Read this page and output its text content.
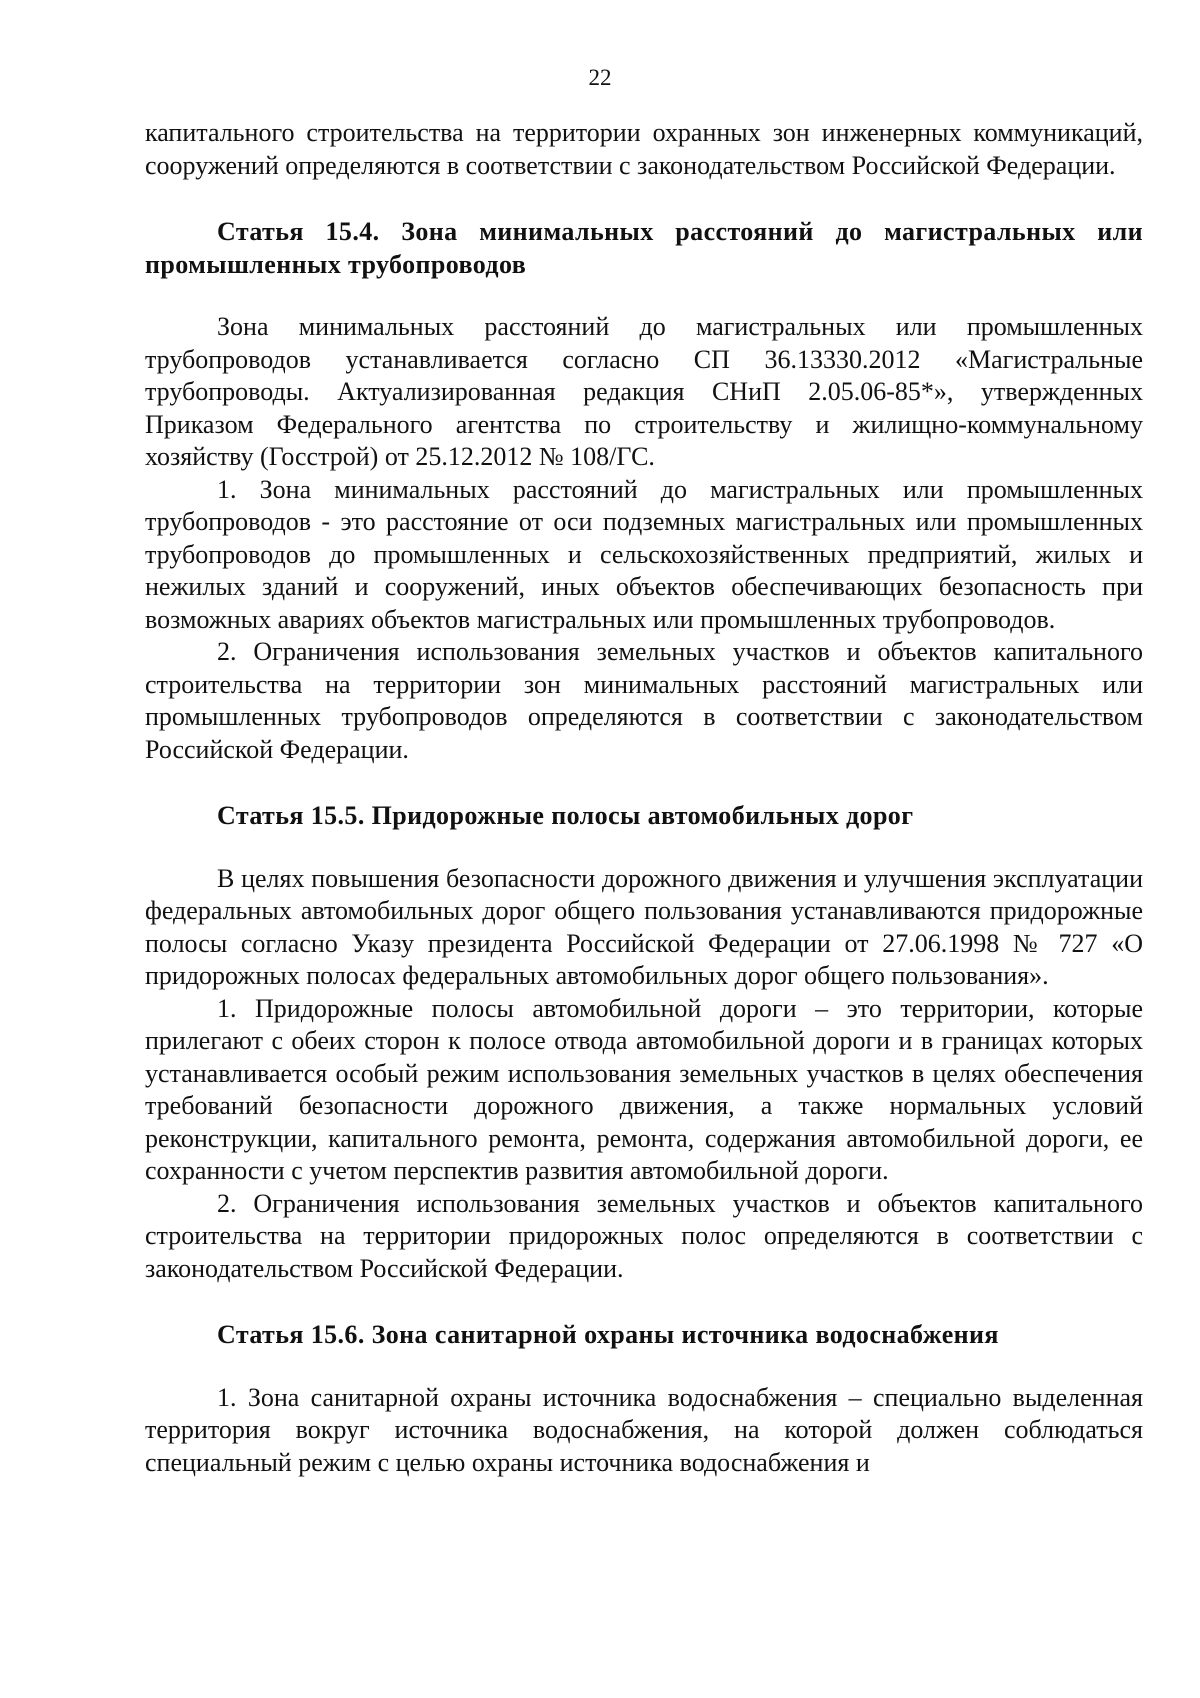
22

капитального строительства на территории охранных зон инженерных коммуникаций, сооружений определяются в соответствии с законодательством Российской Федерации.

Статья 15.4. Зона минимальных расстояний до магистральных или промышленных трубопроводов

Зона минимальных расстояний до магистральных или промышленных трубопроводов устанавливается согласно СП 36.13330.2012 «Магистральные трубопроводы. Актуализированная редакция СНиП 2.05.06-85*», утвержденных Приказом Федерального агентства по строительству и жилищно-коммунальному хозяйству (Госстрой) от 25.12.2012 № 108/ГС.

1. Зона минимальных расстояний до магистральных или промышленных трубопроводов - это расстояние от оси подземных магистральных или промышленных трубопроводов до промышленных и сельскохозяйственных предприятий, жилых и нежилых зданий и сооружений, иных объектов обеспечивающих безопасность при возможных авариях объектов магистральных или промышленных трубопроводов.

2. Ограничения использования земельных участков и объектов капитального строительства на территории зон минимальных расстояний магистральных или промышленных трубопроводов определяются в соответствии с законодательством Российской Федерации.

Статья 15.5. Придорожные полосы автомобильных дорог

В целях повышения безопасности дорожного движения и улучшения эксплуатации федеральных автомобильных дорог общего пользования устанавливаются придорожные полосы согласно Указу президента Российской Федерации от 27.06.1998 № 727 «О придорожных полосах федеральных автомобильных дорог общего пользования».

1. Придорожные полосы автомобильной дороги – это территории, которые прилегают с обеих сторон к полосе отвода автомобильной дороги и в границах которых устанавливается особый режим использования земельных участков в целях обеспечения требований безопасности дорожного движения, а также нормальных условий реконструкции, капитального ремонта, ремонта, содержания автомобильной дороги, ее сохранности с учетом перспектив развития автомобильной дороги.

2. Ограничения использования земельных участков и объектов капитального строительства на территории придорожных полос определяются в соответствии с законодательством Российской Федерации.

Статья 15.6. Зона санитарной охраны источника водоснабжения

1. Зона санитарной охраны источника водоснабжения – специально выделенная территория вокруг источника водоснабжения, на которой должен соблюдаться специальный режим с целью охраны источника водоснабжения и
